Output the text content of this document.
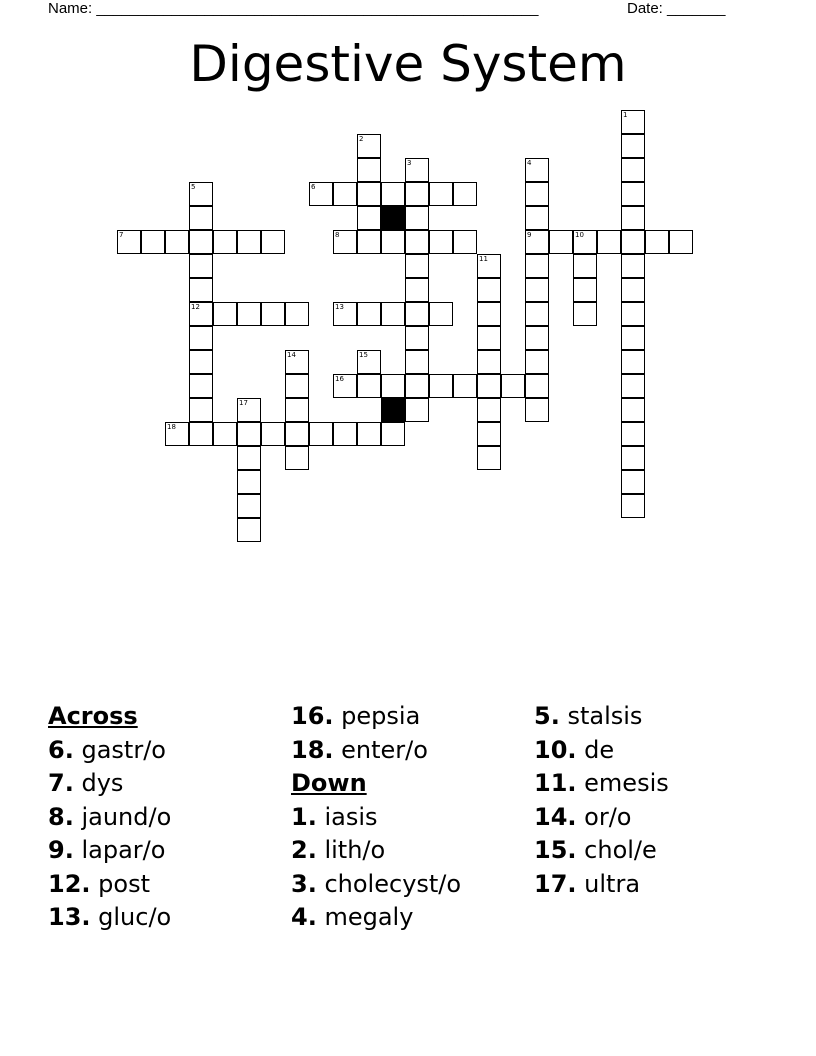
Name: _____________________________________________________	Date: _______
Digestive System
1
2
3	4
9
5
12
6
7	8	10
11
13
14	15
16
17
18
Across
6. gastr/o
7. dys
8. jaund/o
9. lapar/o
12. post
13. gluc/o
16. pepsia
18. enter/o
Down
1. iasis
2. lith/o
3. cholecyst/o
4. megaly
5. stalsis
10. de
11. emesis
14. or/o
15. chol/e
17. ultra
